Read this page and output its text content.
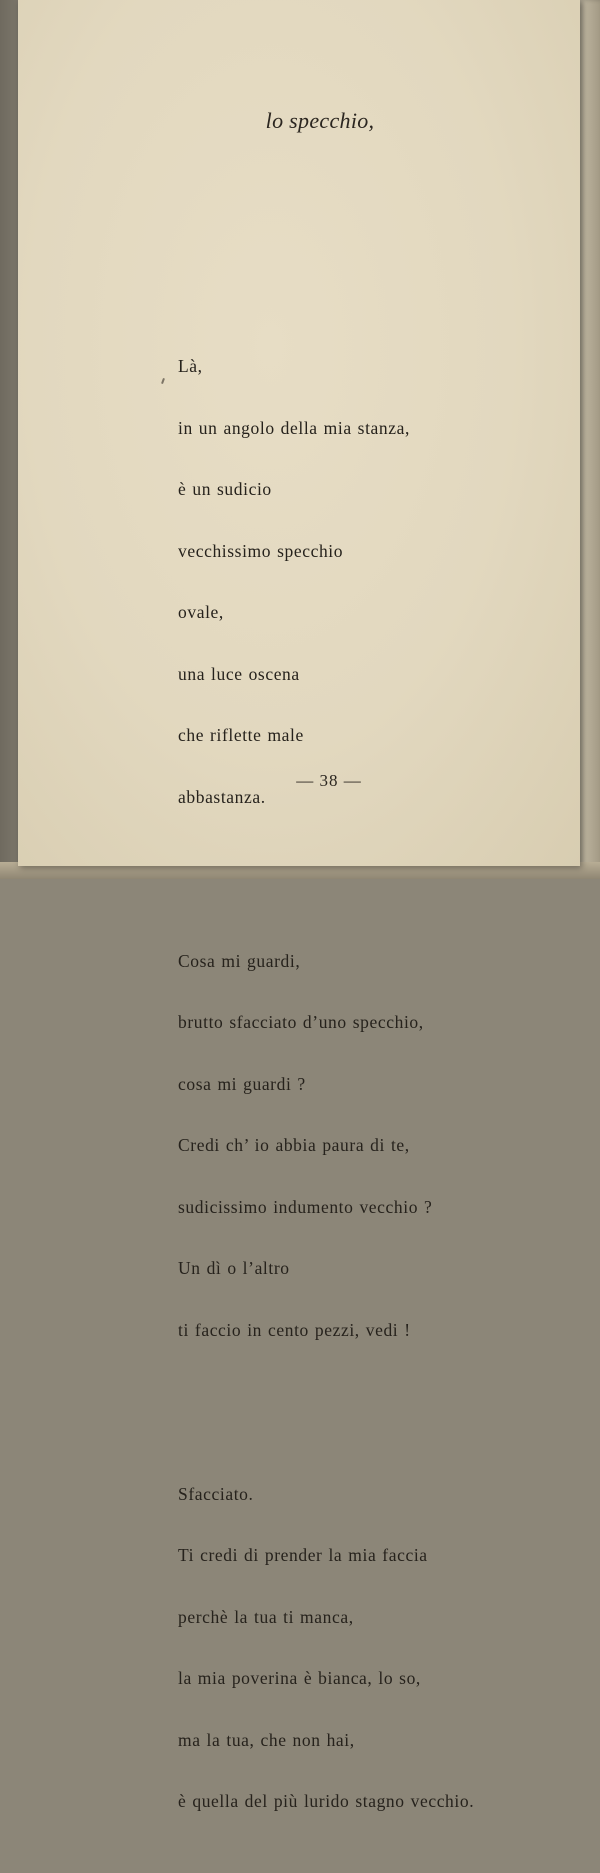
lo specchio,

Là,

in un angolo della mia stanza,

è un sudicio

vecchissimo specchio

ovale,

una luce oscena

che riflette male

abbastanza.

Cosa mi guardi,

brutto sfacciato d’uno specchio,

cosa mi guardi ?

Credi ch’ io abbia paura di te,

sudicissimo indumento vecchio ?

Un dì o l’altro

ti faccio in cento pezzi, vedi !

Sfacciato.

Ti credi di prender la mia faccia

perchè la tua ti manca,

la mia poverina è bianca, lo so,

ma la tua, che non hai,

è quella del più lurido stagno vecchio.

— 38 —
